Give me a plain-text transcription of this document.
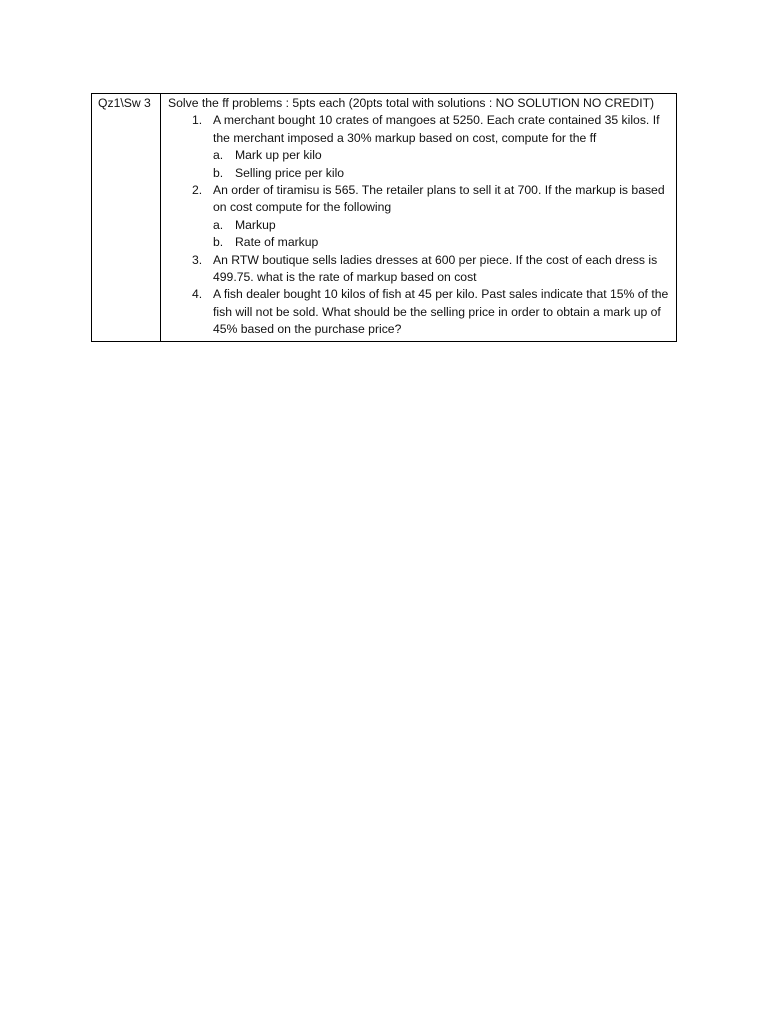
Qz1\Sw 3	Solve the ff problems : 5pts each (20pts total with solutions : NO SOLUTION NO CREDIT)
1. A merchant bought 10 crates of mangoes at 5250. Each crate contained 35 kilos. If the merchant imposed a 30% markup based on cost, compute for the ff
a. Mark up per kilo
b. Selling price per kilo
2. An order of tiramisu is 565. The retailer plans to sell it at 700. If the markup is based on cost compute for the following
a. Markup
b. Rate of markup
3. An RTW boutique sells ladies dresses at 600 per piece. If the cost of each dress is 499.75. what is the rate of markup based on cost
4. A fish dealer bought 10 kilos of fish at 45 per kilo. Past sales indicate that 15% of the fish will not be sold. What should be the selling price in order to obtain a mark up of 45% based on the purchase price?
